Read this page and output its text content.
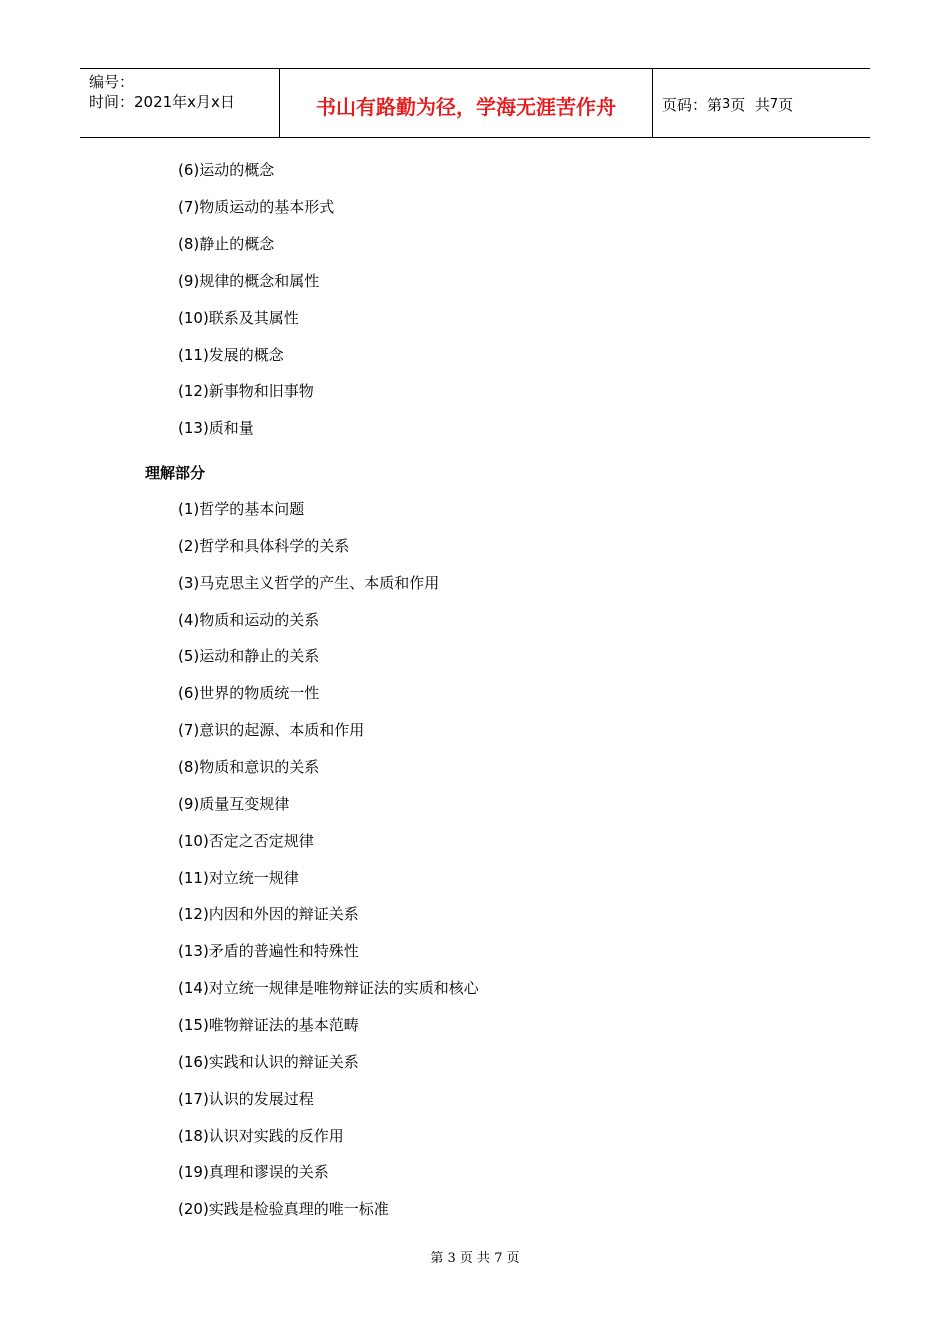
编号：
时间：2021年x月x日	书山有路勤为径，学海无涯苦作舟	页码：第 3 页  共 7 页
(6)运动的概念
(7)物质运动的基本形式
(8)静止的概念
(9)规律的概念和属性
(10)联系及其属性
(11)发展的概念
(12)新事物和旧事物
(13)质和量
理解部分
(1)哲学的基本问题
(2)哲学和具体科学的关系
(3)马克思主义哲学的产生、本质和作用
(4)物质和运动的关系
(5)运动和静止的关系
(6)世界的物质统一性
(7)意识的起源、本质和作用
(8)物质和意识的关系
(9)质量互变规律
(10)否定之否定规律
(11)对立统一规律
(12)内因和外因的辩证关系
(13)矛盾的普遍性和特殊性
(14)对立统一规律是唯物辩证法的实质和核心
(15)唯物辩证法的基本范畴
(16)实践和认识的辩证关系
(17)认识的发展过程
(18)认识对实践的反作用
(19)真理和谬误的关系
(20)实践是检验真理的唯一标准
第 3 页 共 7 页
